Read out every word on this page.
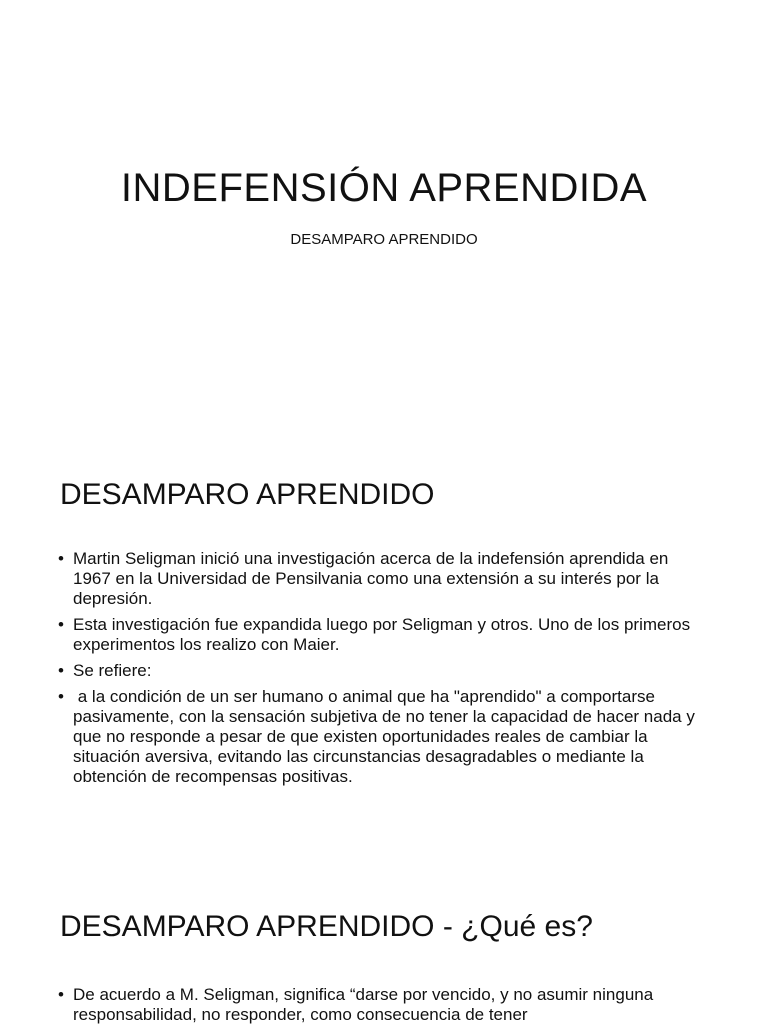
INDEFENSIÓN APRENDIDA

DESAMPARO APRENDIDO

DESAMPARO APRENDIDO
• Martin Seligman inició una investigación acerca de la indefensión aprendida en 1967 en la Universidad de Pensilvania como una extensión a su interés por la depresión.
• Esta investigación fue expandida luego por Seligman y otros. Uno de los primeros experimentos los realizo con Maier.
• Se refiere:
• a la condición de un ser humano o animal que ha "aprendido" a comportarse pasivamente, con la sensación subjetiva de no tener la capacidad de hacer nada y que no responde a pesar de que existen oportunidades reales de cambiar la situación aversiva, evitando las circunstancias desagradables o mediante la obtención de recompensas positivas.
DESAMPARO APRENDIDO - ¿Qué es?
• De acuerdo a M. Seligman, significa “darse por vencido, y no asumir ninguna responsabilidad, no responder, como consecuencia de tener
